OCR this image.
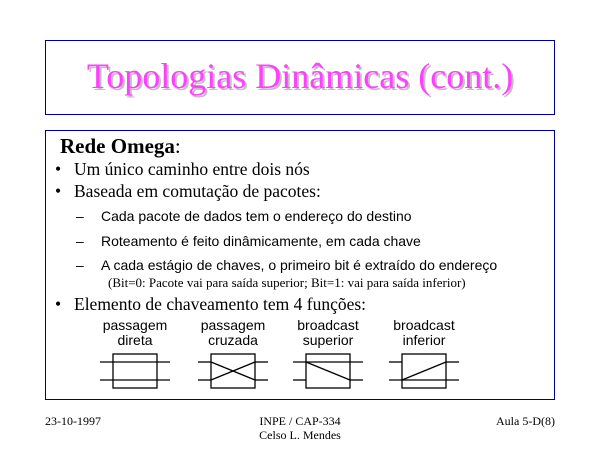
Topologias Dinâmicas (cont.)
Rede Omega:
• Um único caminho entre dois nós
• Baseada em comutação de pacotes:
– Cada pacote de dados tem o endereço do destino
– Roteamento é feito dinâmicamente, em cada chave
– A cada estágio de chaves, o primeiro bit é extraído do endereço
(Bit=0: Pacote vai para saída superior; Bit=1: vai para saída inferior)
• Elemento de chaveamento tem 4 funções:
passagem
direta
passagem
cruzada
broadcast
superior
broadcast
inferior
23-10-1997	INPE / CAP-334
Celso L. Mendes
Aula 5-D(8)
